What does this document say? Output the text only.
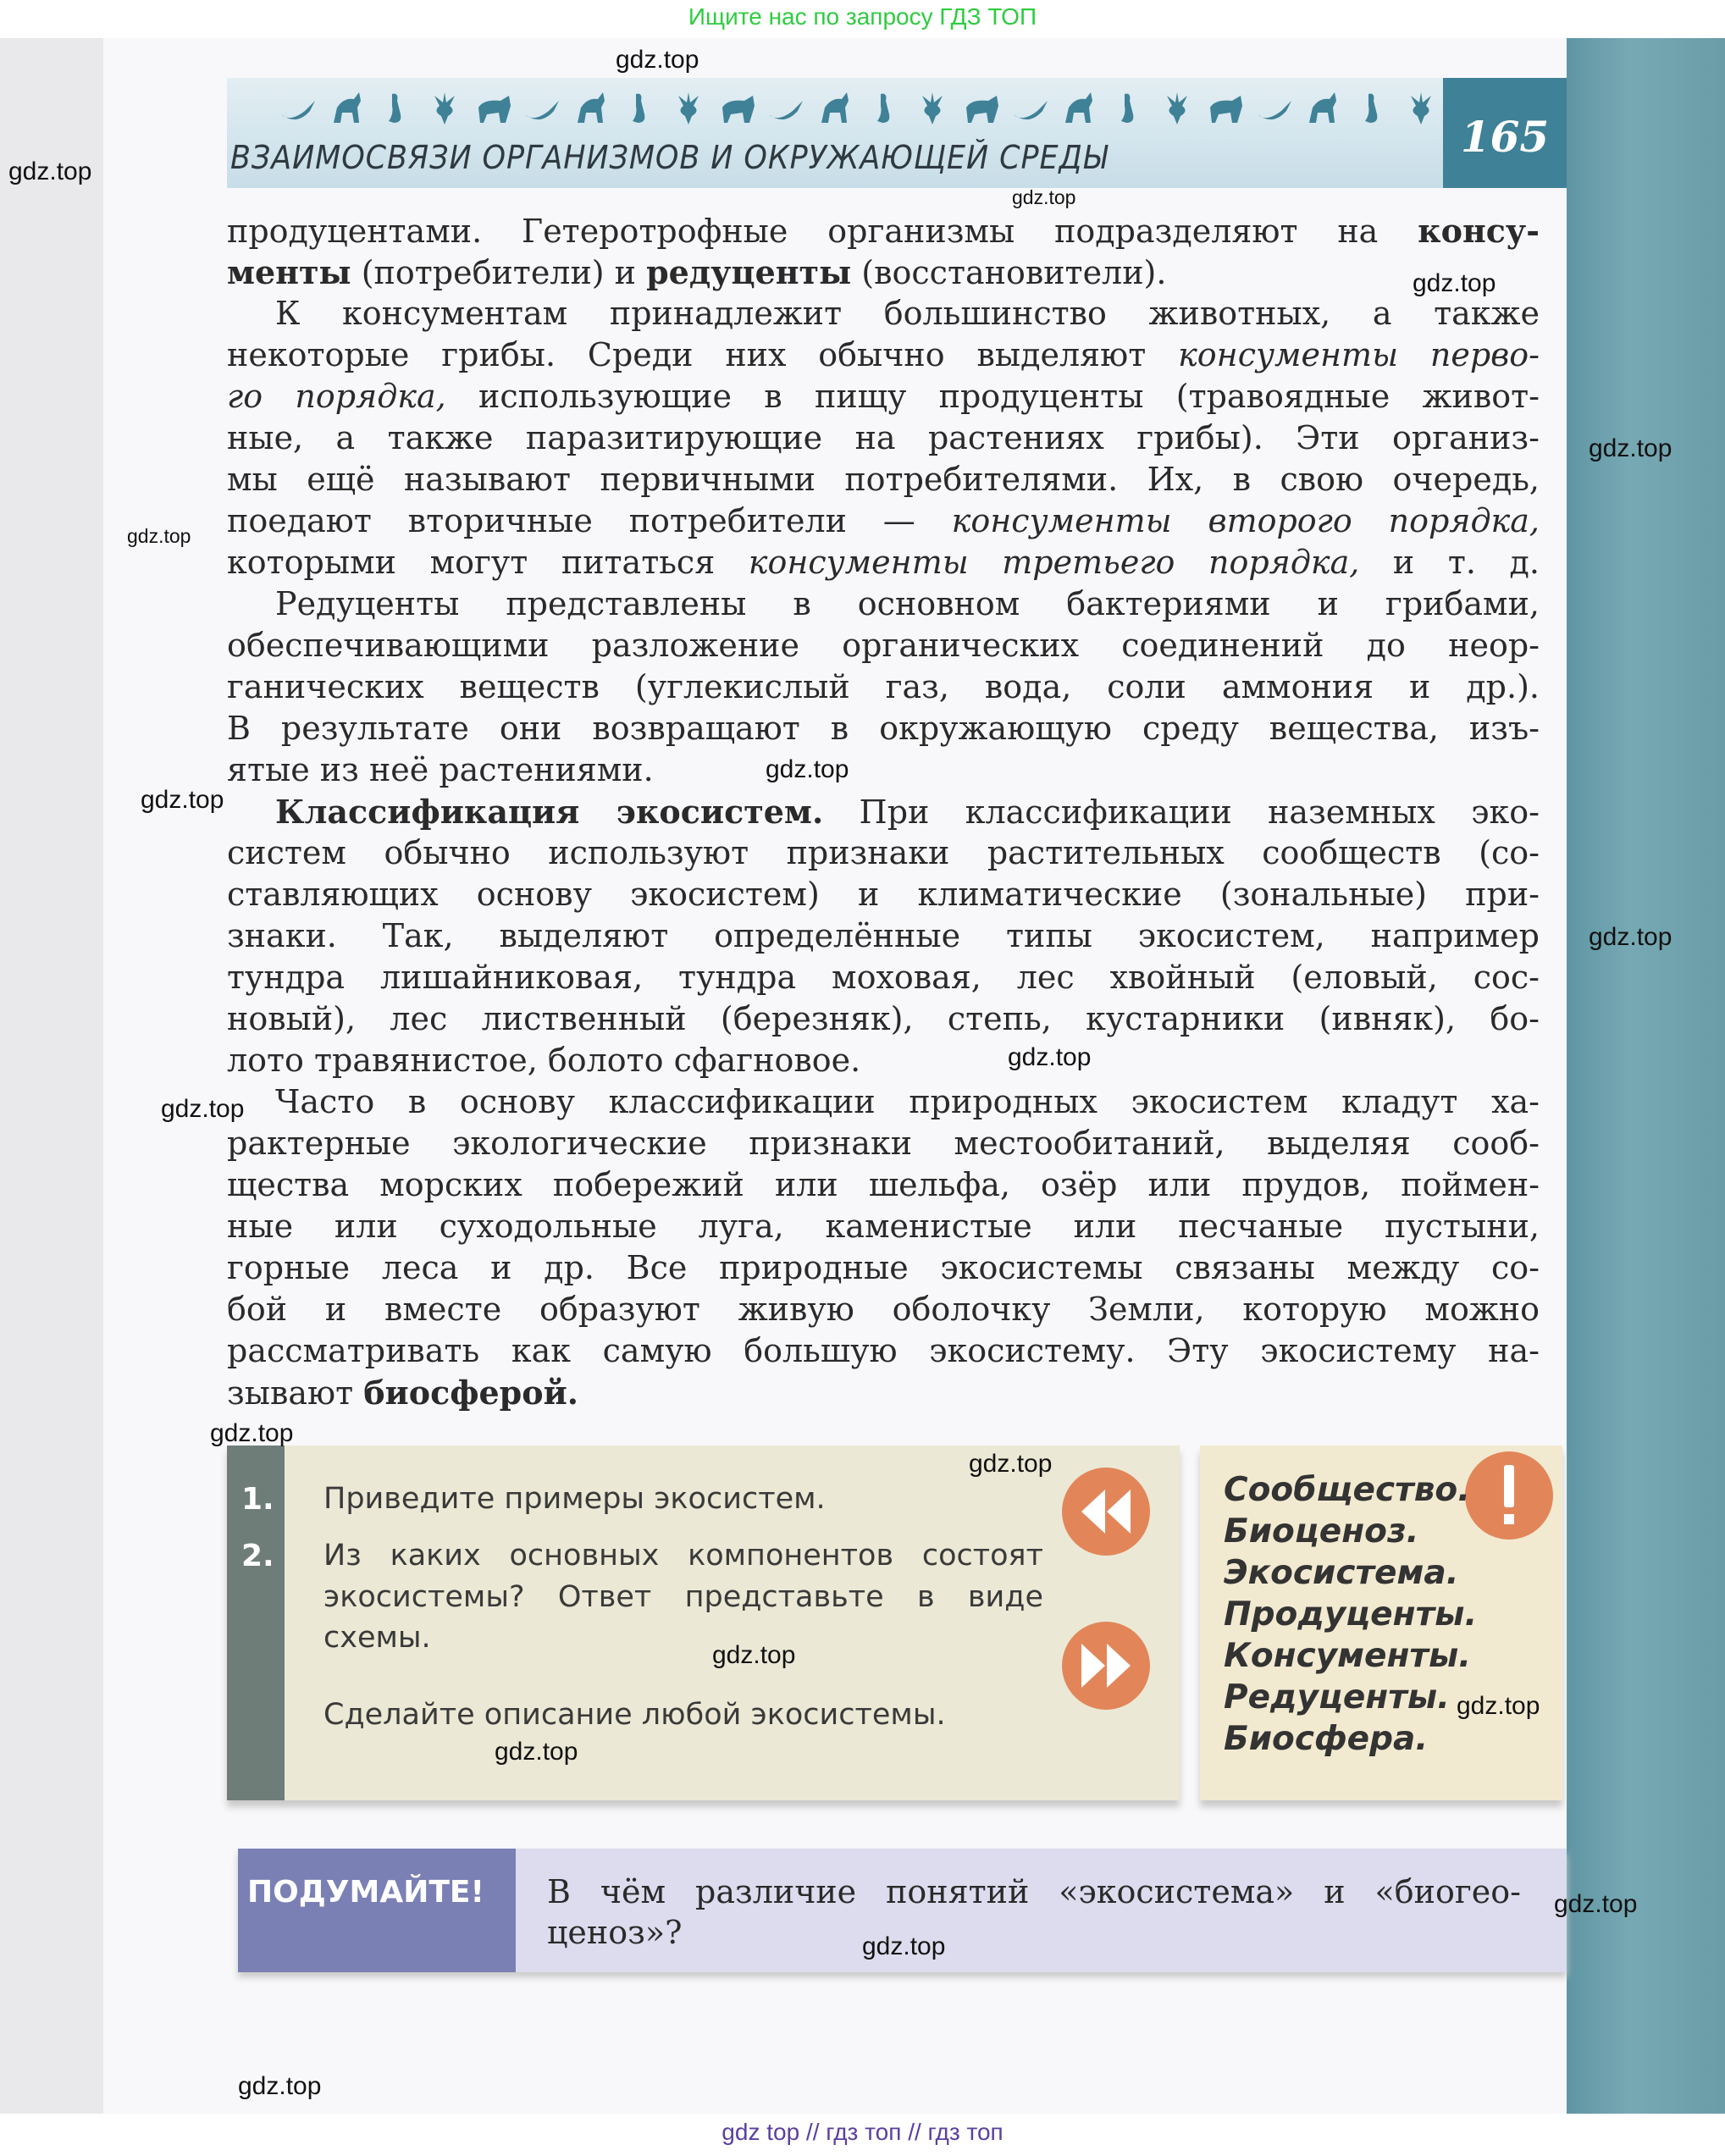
Ищите нас по запросу ГДЗ ТОП
ВЗАИМОСВЯЗИ ОРГАНИЗМОВ И ОКРУЖАЮЩЕЙ СРЕДЫ	165
продуцентами. Гетеротрофные организмы подразделяют на консу-
менты (потребители) и редуценты (восстановители).
К консументам принадлежит большинство животных, а также
некоторые грибы. Среди них обычно выделяют консументы перво-
го порядка, использующие в пищу продуценты (травоядные живот-
ные, а также паразитирующие на растениях грибы). Эти организ-
мы ещё называют первичными потребителями. Их, в свою очередь,
поедают вторичные потребители — консументы второго порядка,
которыми могут питаться консументы третьего порядка, и т. д.
Редуценты представлены в основном бактериями и грибами,
обеспечивающими разложение органических соединений до неор-
ганических веществ (углекислый газ, вода, соли аммония и др.).
В результате они возвращают в окружающую среду вещества, изъ-
ятые из неё растениями.
Классификация экосистем. При классификации наземных эко-
систем обычно используют признаки растительных сообществ (со-
ставляющих основу экосистем) и климатические (зональные) при-
знаки. Так, выделяют определённые типы экосистем, например
тундра лишайниковая, тундра моховая, лес хвойный (еловый, сос-
новый), лес лиственный (березняк), степь, кустарники (ивняк), бо-
лото травянистое, болото сфагновое.
Часто в основу классификации природных экосистем кладут ха-
рактерные экологические признаки местообитаний, выделяя сооб-
щества морских побережий или шельфа, озёр или прудов, поймен-
ные или суходольные луга, каменистые или песчаные пустыни,
горные леса и др. Все природные экосистемы связаны между со-
бой и вместе образуют живую оболочку Земли, которую можно
рассматривать как самую большую экосистему. Эту экосистему на-
зывают биосферой.
1. Приведите примеры экосистем.
2. Из каких основных компонентов состоят
экосистемы? Ответ представьте в виде
схемы.
Сделайте описание любой экосистемы.
Сообщество.
Биоценоз.
Экосистема.
Продуценты.
Консументы.
Редуценты.
Биосфера.
ПОДУМАЙТЕ! В чём различие понятий «экосистема» и «биогео-
ценоз»?
gdz.top
gdz.top
gdz.top
gdz.top
gdz.top
gdz.top
gdz.top
gdz.top
gdz.top
gdz.top
gdz.top
gdz.top
gdz.top
gdz.top
gdz.top
gdz.top
gdz.top
gdz.top
gdz.top
gdz top // гдз топ // гдз топ
